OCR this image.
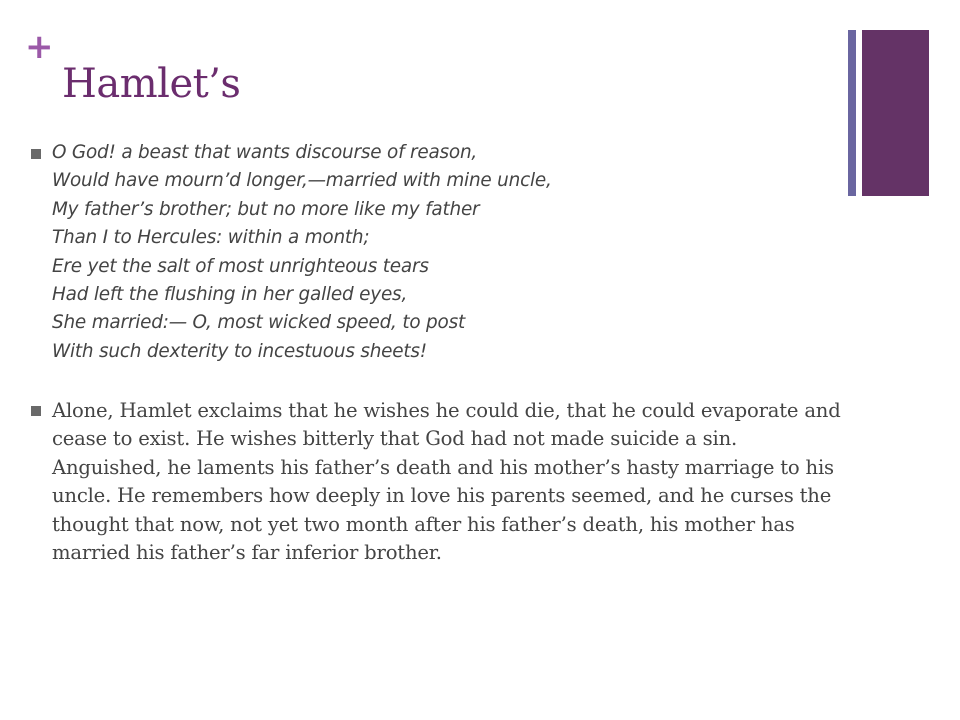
+
Hamlet’s
O God! a beast that wants discourse of reason,
Would have mourn’d longer,—married with mine uncle,
My father’s brother; but no more like my father
Than I to Hercules: within a month;
Ere yet the salt of most unrighteous tears
Had left the flushing in her galled eyes,
She married:— O, most wicked speed, to post
With such dexterity to incestuous sheets!

Alone, Hamlet exclaims that he wishes he could die, that he could evaporate and cease to exist. He wishes bitterly that God had not made suicide a sin. Anguished, he laments his father’s death and his mother’s hasty marriage to his uncle. He remembers how deeply in love his parents seemed, and he curses the thought that now, not yet two month after his father’s death, his mother has married his father’s far inferior brother.
